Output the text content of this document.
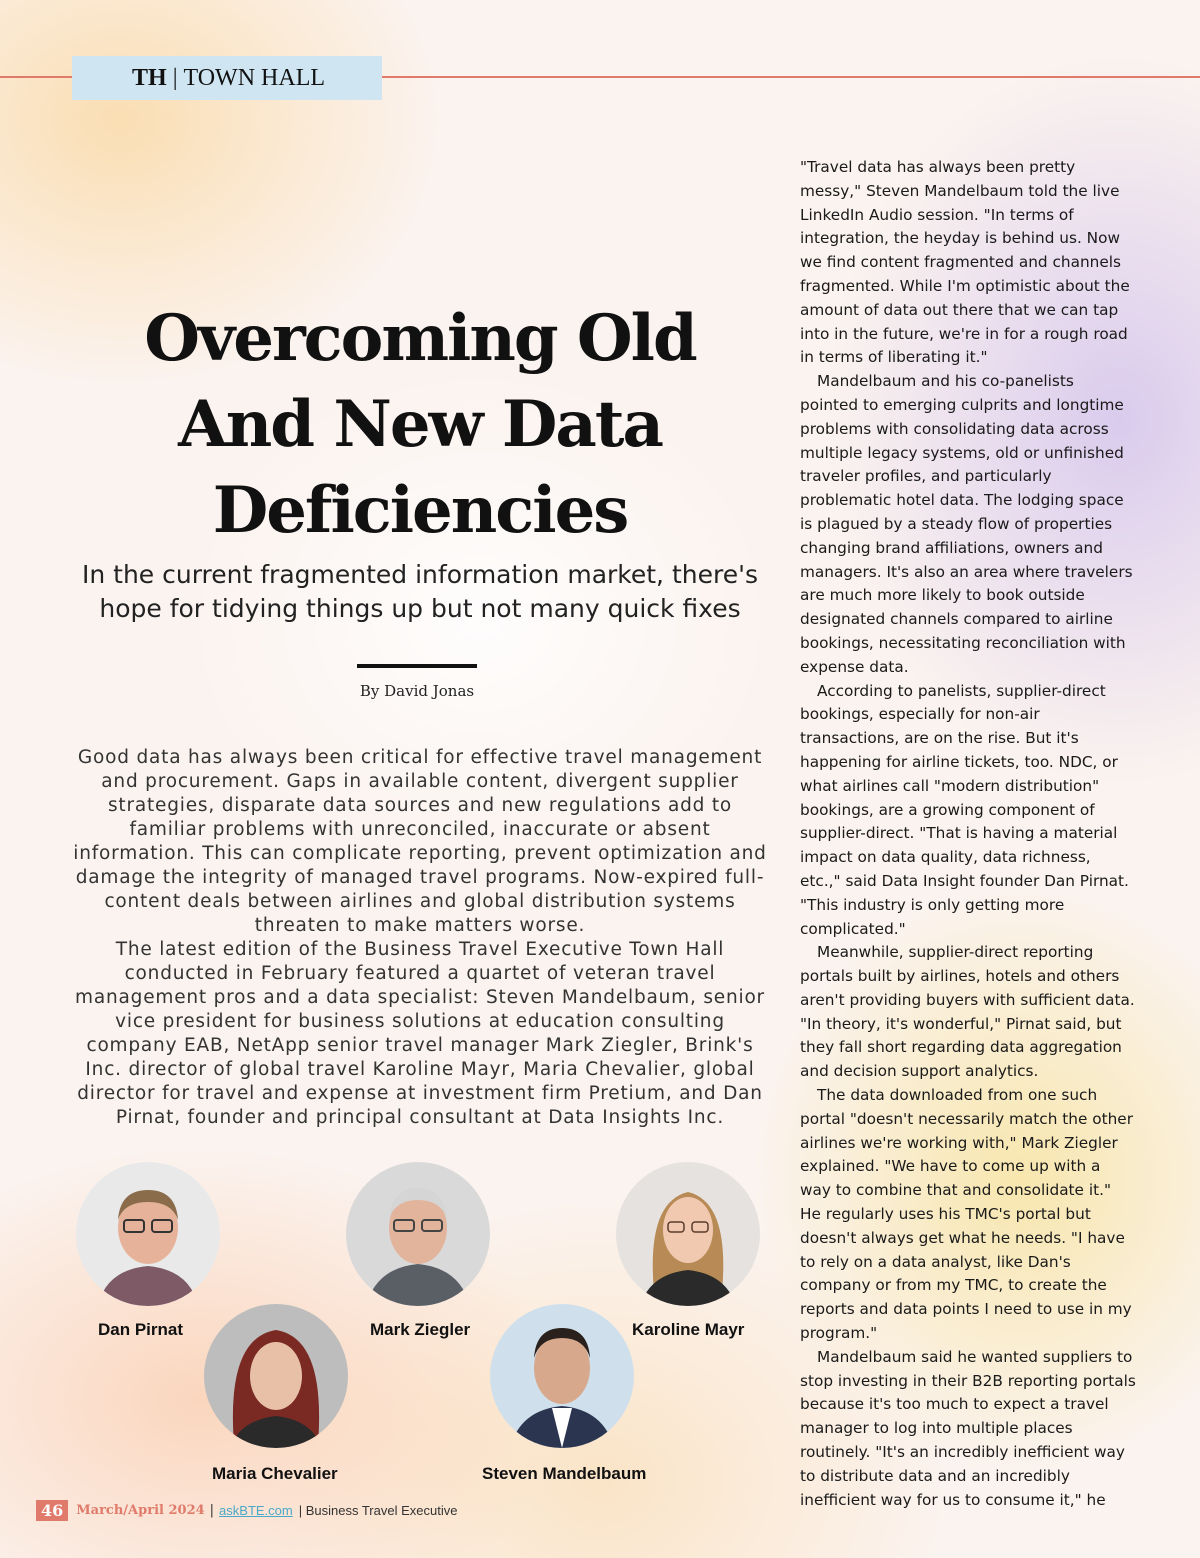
TH | TOWN HALL
Overcoming Old And New Data Deficiencies

In the current fragmented information market, there's hope for tidying things up but not many quick fixes

By David Jonas

Good data has always been critical for effective travel management and procurement. Gaps in available content, divergent supplier strategies, disparate data sources and new regulations add to familiar problems with unreconciled, inaccurate or absent information. This can complicate reporting, prevent optimization and damage the integrity of managed travel programs. Now-expired full-content deals between airlines and global distribution systems threaten to make matters worse.

The latest edition of the Business Travel Executive Town Hall conducted in February featured a quartet of veteran travel management pros and a data specialist: Steven Mandelbaum, senior vice president for business solutions at education consulting company EAB, NetApp senior travel manager Mark Ziegler, Brink's Inc. director of global travel Karoline Mayr, Maria Chevalier, global director for travel and expense at investment firm Pretium, and Dan Pirnat, founder and principal consultant at Data Insights Inc.

Dan Pirnat	Mark Ziegler	Karoline Mayr
Maria Chevalier	Steven Mandelbaum

"Travel data has always been pretty messy," Steven Mandelbaum told the live LinkedIn Audio session. "In terms of integration, the heyday is behind us. Now we find content fragmented and channels fragmented. While I'm optimistic about the amount of data out there that we can tap into in the future, we're in for a rough road in terms of liberating it."

Mandelbaum and his co-panelists pointed to emerging culprits and longtime problems with consolidating data across multiple legacy systems, old or unfinished traveler profiles, and particularly problematic hotel data. The lodging space is plagued by a steady flow of properties changing brand affiliations, owners and managers. It's also an area where travelers are much more likely to book outside designated channels compared to airline bookings, necessitating reconciliation with expense data.

According to panelists, supplier-direct bookings, especially for non-air transactions, are on the rise. But it's happening for airline tickets, too. NDC, or what airlines call "modern distribution" bookings, are a growing component of supplier-direct. "That is having a material impact on data quality, data richness, etc.," said Data Insight founder Dan Pirnat. "This industry is only getting more complicated."

Meanwhile, supplier-direct reporting portals built by airlines, hotels and others aren't providing buyers with sufficient data. "In theory, it's wonderful," Pirnat said, but they fall short regarding data aggregation and decision support analytics.

The data downloaded from one such portal "doesn't necessarily match the other airlines we're working with," Mark Ziegler explained. "We have to come up with a way to combine that and consolidate it." He regularly uses his TMC's portal but doesn't always get what he needs. "I have to rely on a data analyst, like Dan's company or from my TMC, to create the reports and data points I need to use in my program."

Mandelbaum said he wanted suppliers to stop investing in their B2B reporting portals because it's too much to expect a travel manager to log into multiple places routinely. "It's an incredibly inefficient way to distribute data and an incredibly inefficient way for us to consume it," he

46	March/April 2024 | askBTE.com | Business Travel Executive
